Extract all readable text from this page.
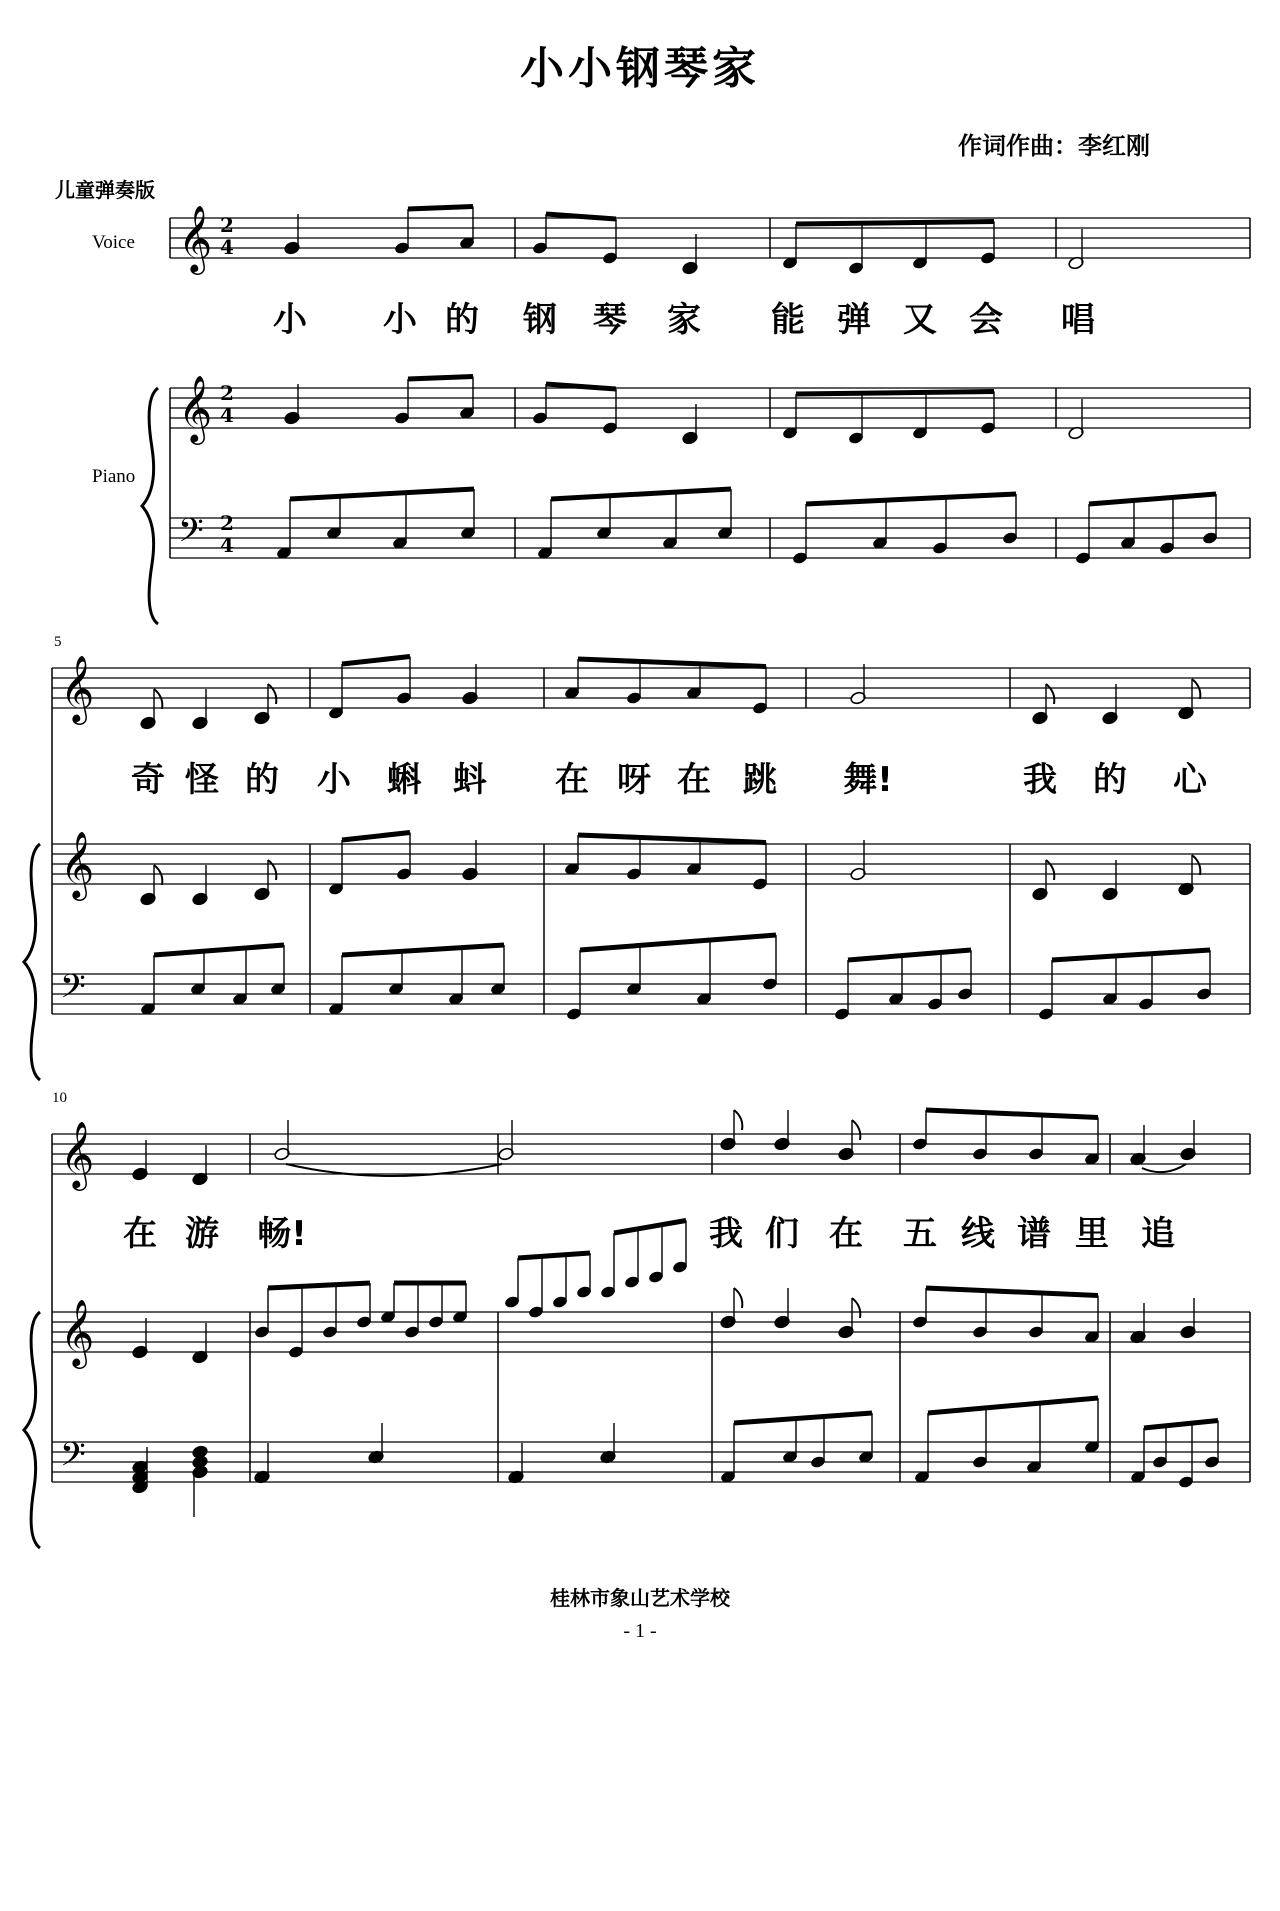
小小钢琴家
作词作曲：李红刚
儿童弹奏版
Voice
Piano
5
10
小 小 的 钢 琴 家 能 弹 又 会 唱
奇 怪 的 小 蝌 蚪 在 呀 在 跳 舞!	我 的 心
在 游 畅!	我 们 在 五 线 谱 里 追
𝄞
𝄞
𝄢
𝄞
𝄞
𝄢
𝄞
𝄞
𝄢
2
4
2
4
2
4
桂林市象山艺术学校
- 1 -
